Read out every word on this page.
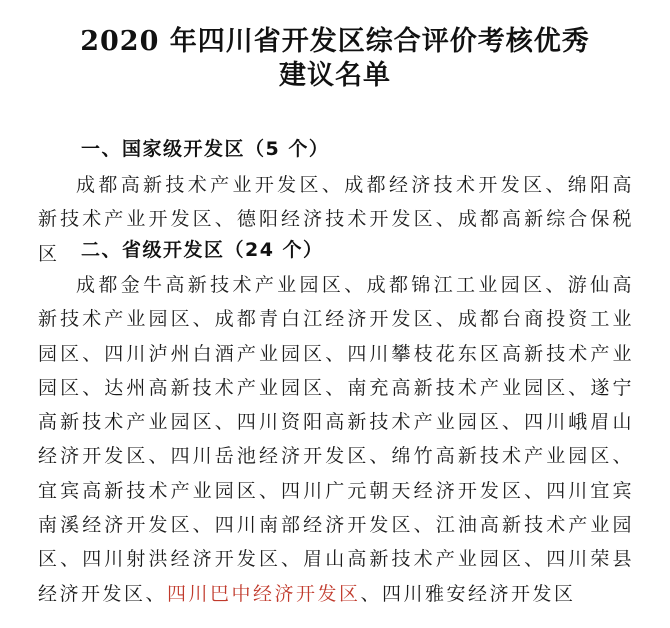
2020 年四川省开发区综合评价考核优秀
建议名单
一、国家级开发区（5 个）

成都高新技术产业开发区、成都经济技术开发区、绵阳高新技术产业开发区、德阳经济技术开发区、成都高新综合保税区	二、省级开发区（24 个）

成都金牛高新技术产业园区、成都锦江工业园区、游仙高新技术产业园区、成都青白江经济开发区、成都台商投资工业园区、四川泸州白酒产业园区、四川攀枝花东区高新技术产业园区、达州高新技术产业园区、南充高新技术产业园区、遂宁高新技术产业园区、四川资阳高新技术产业园区、四川峨眉山经济开发区、四川岳池经济开发区、绵竹高新技术产业园区、宜宾高新技术产业园区、四川广元朝天经济开发区、四川宜宾南溪经济开发区、四川南部经济开发区、江油高新技术产业园区、四川射洪经济开发区、眉山高新技术产业园区、四川荣县经济开发区、四川巴中经济开发区、四川雅安经济开发区
